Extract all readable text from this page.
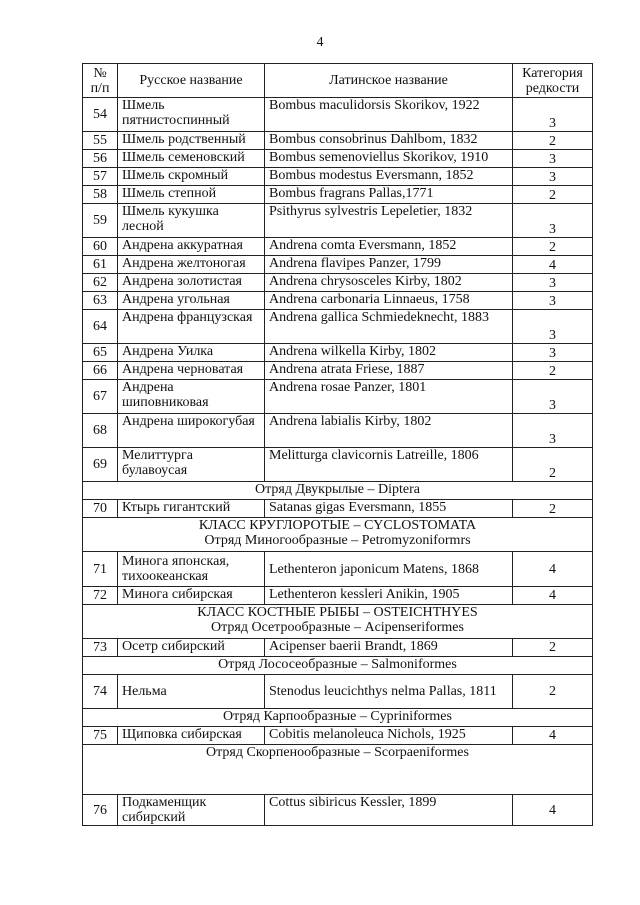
4
№ п/п	Русское название	Латинское название	Категория редкости
54	Шмель пятнистоспинный	Bombus maculidorsis Skorikov, 1922	3
55	Шмель родственный	Bombus consobrinus Dahlbom, 1832	2
56	Шмель семеновский	Bombus semenoviellus Skorikov, 1910	3
57	Шмель скромный	Bombus modestus Eversmann, 1852	3
58	Шмель степной	Bombus fragrans Pallas,1771	2
59	Шмель кукушка лесной	Psithyrus sylvestris Lepeletier, 1832	3
60	Андрена аккуратная	Andrena comta Eversmann, 1852	2
61	Андрена желтоногая	Andrena flavipes Panzer, 1799	4
62	Андрена золотистая	Andrena chrysosceles Kirby, 1802	3
63	Андрена угольная	Andrena carbonaria Linnaeus, 1758	3
64	Андрена французская	Andrena gallica Schmiedeknecht, 1883	3
65	Андрена Уилка	Andrena wilkella Kirby, 1802	3
66	Андрена черноватая	Andrena atrata Friese, 1887	2
67	Андрена шиповниковая	Andrena rosae Panzer, 1801	3
68	Андрена широкогубая	Andrena labialis Kirby, 1802	3
69	Мелиттурга булавоусая	Melitturga clavicornis Latreille, 1806	2

Отряд Двукрылые – Diptera			

70	Ктырь гигантский	Satanas gigas Eversmann, 1855	2

КЛАСС КРУГЛОРОТЫЕ – CYCLOSTOMATA
Отряд Миногообразные – Petromyzoniformrs			

71	Минога японская, тихоокеанская	Lethenteron japonicum Matens, 1868	4
72	Минога сибирская	Lethenteron kessleri Anikin, 1905	4

КЛАСС КОСТНЫЕ РЫБЫ – OSTEICHTHYES
Отряд Осетрообразные – Acipenseriformes			

73	Осетр сибирский	Acipenser baerii Brandt, 1869	2

Отряд Лососеобразные – Salmoniformes			

74	Нельма	Stenodus leucichthys nelma Pallas, 1811	2

Отряд Карпообразные – Cypriniformes			

75	Щиповка сибирская	Cobitis melanoleuca Nichols, 1925	4

Отряд Скорпенообразные – Scorpaeniformes			

76	Подкаменщик сибирский	Cottus sibiricus Kessler, 1899	4
